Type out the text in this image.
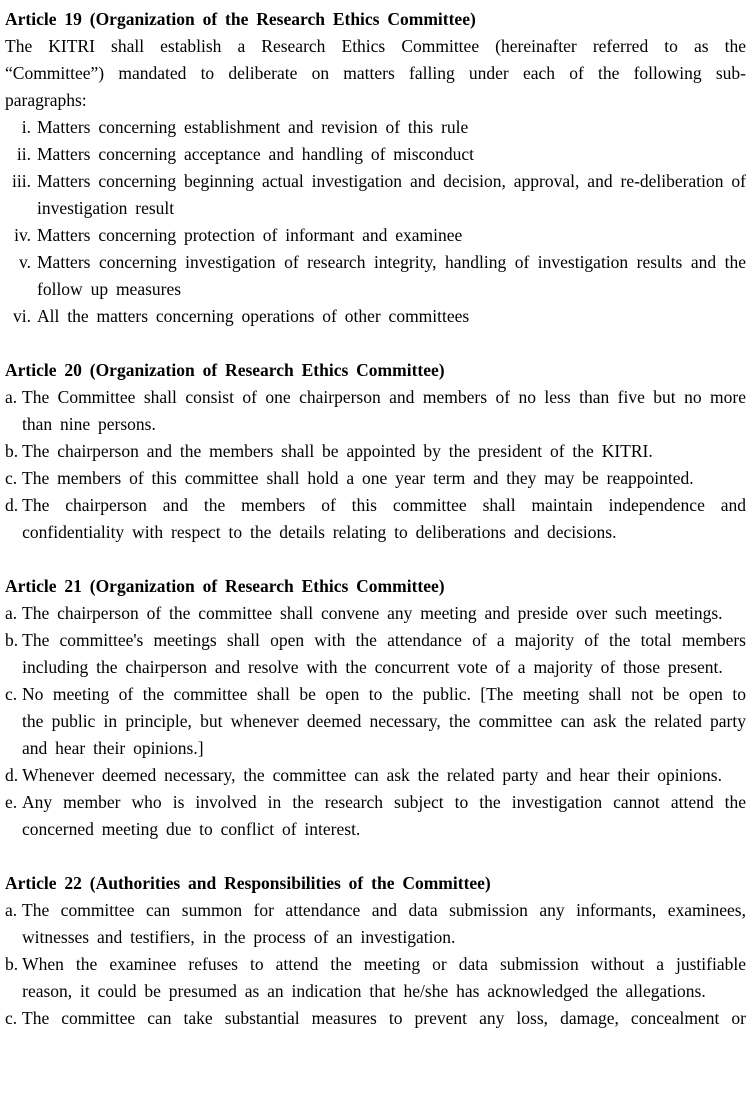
Article 19 (Organization of the Research Ethics Committee)

The KITRI shall establish a Research Ethics Committee (hereinafter referred to as the “Committee”) mandated to deliberate on matters falling under each of the following sub-paragraphs:

i. Matters concerning establishment and revision of this rule
ii. Matters concerning acceptance and handling of misconduct
iii. Matters concerning beginning actual investigation and decision, approval, and re-deliberation of investigation result
iv. Matters concerning protection of informant and examinee
v. Matters concerning investigation of research integrity, handling of investigation results and the follow up measures
vi. All the matters concerning operations of other committees
Article 20 (Organization of Research Ethics Committee)
a. The Committee shall consist of one chairperson and members of no less than five but no more than nine persons.
b. The chairperson and the members shall be appointed by the president of the KITRI.
c. The members of this committee shall hold a one year term and they may be reappointed.
d. The chairperson and the members of this committee shall maintain independence and confidentiality with respect to the details relating to deliberations and decisions.
Article 21 (Organization of Research Ethics Committee)
a. The chairperson of the committee shall convene any meeting and preside over such meetings.
b. The committee's meetings shall open with the attendance of a majority of the total members including the chairperson and resolve with the concurrent vote of a majority of those present.
c. No meeting of the committee shall be open to the public. [The meeting shall not be open to the public in principle, but whenever deemed necessary, the committee can ask the related party and hear their opinions.]
d. Whenever deemed necessary, the committee can ask the related party and hear their opinions.
e. Any member who is involved in the research subject to the investigation cannot attend the concerned meeting due to conflict of interest.
Article 22 (Authorities and Responsibilities of the Committee)
a. The committee can summon for attendance and data submission any informants, examinees, witnesses and testifiers, in the process of an investigation.
b. When the examinee refuses to attend the meeting or data submission without a justifiable reason, it could be presumed as an indication that he/she has acknowledged the allegations.
c. The committee can take substantial measures to prevent any loss, damage, concealment or
